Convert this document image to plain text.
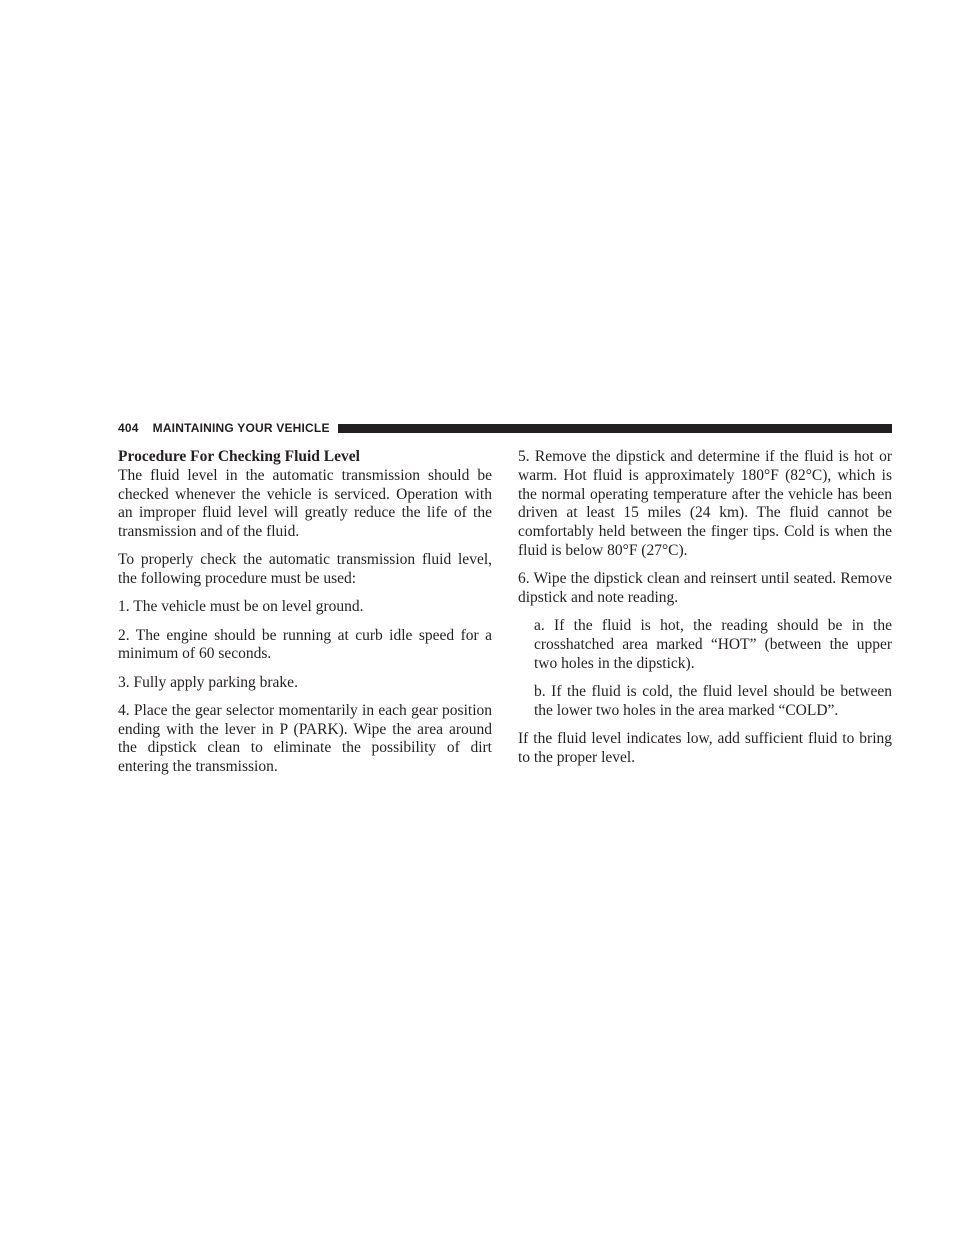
404 MAINTAINING YOUR VEHICLE
Procedure For Checking Fluid Level

The fluid level in the automatic transmission should be checked whenever the vehicle is serviced. Operation with an improper fluid level will greatly reduce the life of the transmission and of the fluid.

To properly check the automatic transmission fluid level, the following procedure must be used:

1. The vehicle must be on level ground.

2. The engine should be running at curb idle speed for a minimum of 60 seconds.

3. Fully apply parking brake.

4. Place the gear selector momentarily in each gear position ending with the lever in P (PARK). Wipe the area around the dipstick clean to eliminate the possibility of dirt entering the transmission.

5. Remove the dipstick and determine if the fluid is hot or warm. Hot fluid is approximately 180°F (82°C), which is the normal operating temperature after the vehicle has been driven at least 15 miles (24 km). The fluid cannot be comfortably held between the finger tips. Cold is when the fluid is below 80°F (27°C).

6. Wipe the dipstick clean and reinsert until seated. Remove dipstick and note reading.

a. If the fluid is hot, the reading should be in the crosshatched area marked “HOT” (between the upper two holes in the dipstick).

b. If the fluid is cold, the fluid level should be between the lower two holes in the area marked “COLD”.

If the fluid level indicates low, add sufficient fluid to bring to the proper level.
